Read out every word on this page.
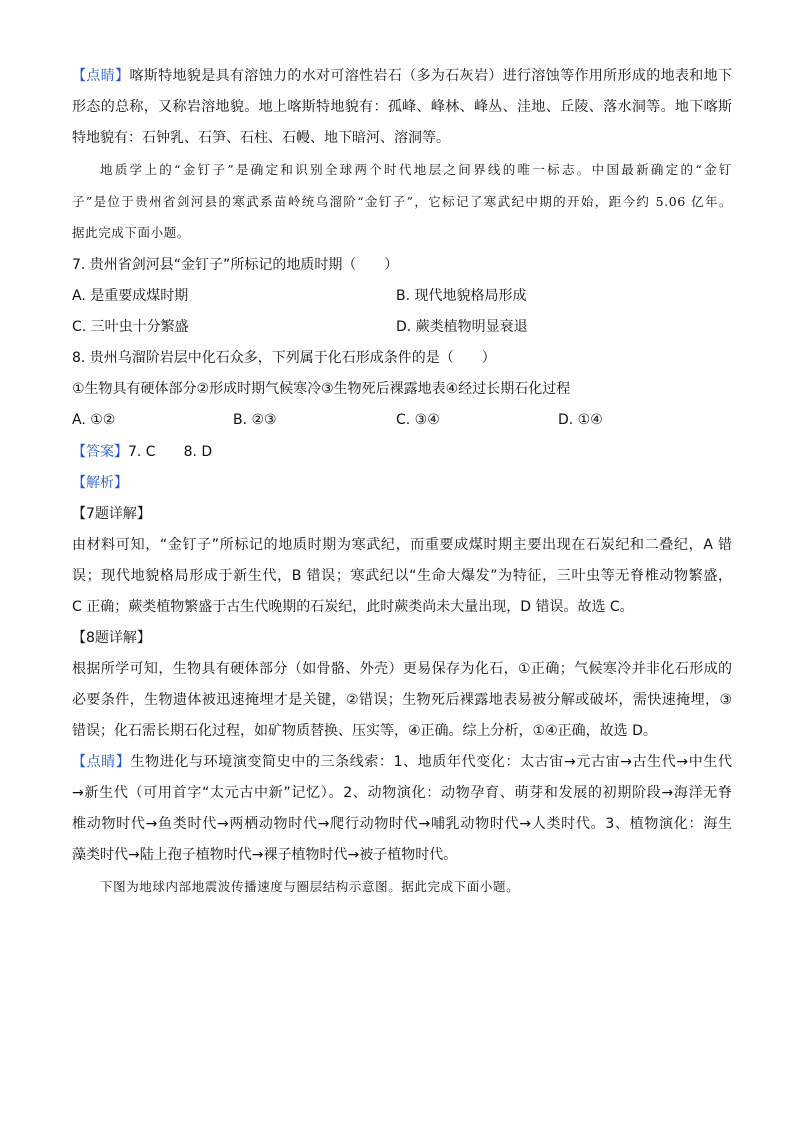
【点睛】喀斯特地貌是具有溶蚀力的水对可溶性岩石（多为石灰岩）进行溶蚀等作用所形成的地表和地下
形态的总称，又称岩溶地貌。地上喀斯特地貌有：孤峰、峰林、峰丛、洼地、丘陵、落水洞等。地下喀斯
特地貌有：石钟乳、石笋、石柱、石幔、地下暗河、溶洞等。
地质学上的“金钉子”是确定和识别全球两个时代地层之间界线的唯一标志。中国最新确定的“金钉
子”是位于贵州省剑河县的寒武系苗岭统乌溜阶“金钉子”，它标记了寒武纪中期的开始，距今约 5.06 亿年。
据此完成下面小题。
7. 贵州省剑河县“金钉子”所标记的地质时期（　　）
A. 是重要成煤时期	B. 现代地貌格局形成
C. 三叶虫十分繁盛	D. 蕨类植物明显衰退
8. 贵州乌溜阶岩层中化石众多，下列属于化石形成条件的是（　　）
①生物具有硬体部分②形成时期气候寒冷③生物死后裸露地表④经过长期石化过程
A. ①②	B. ②③	C. ③④	D. ①④
【答案】7. C　　8. D
【解析】
【7题详解】
由材料可知，“金钉子”所标记的地质时期为寒武纪，而重要成煤时期主要出现在石炭纪和二叠纪，A 错
误；现代地貌格局形成于新生代，B 错误；寒武纪以“生命大爆发”为特征，三叶虫等无脊椎动物繁盛，
C 正确；蕨类植物繁盛于古生代晚期的石炭纪，此时蕨类尚未大量出现，D 错误。故选 C。
【8题详解】
根据所学可知，生物具有硬体部分（如骨骼、外壳）更易保存为化石，①正确；气候寒冷并非化石形成的
必要条件，生物遗体被迅速掩埋才是关键，②错误；生物死后裸露地表易被分解或破坏，需快速掩埋，③
错误；化石需长期石化过程，如矿物质替换、压实等，④正确。综上分析，①④正确，故选 D。
【点睛】生物进化与环境演变简史中的三条线索：1、地质年代变化：太古宙→元古宙→古生代→中生代
→新生代（可用首字“太元古中新”记忆）。2、动物演化：动物孕育、萌芽和发展的初期阶段→海洋无脊
椎动物时代→鱼类时代→两栖动物时代→爬行动物时代→哺乳动物时代→人类时代。3、植物演化：海生
藻类时代→陆上孢子植物时代→裸子植物时代→被子植物时代。
下图为地球内部地震波传播速度与圈层结构示意图。据此完成下面小题。
